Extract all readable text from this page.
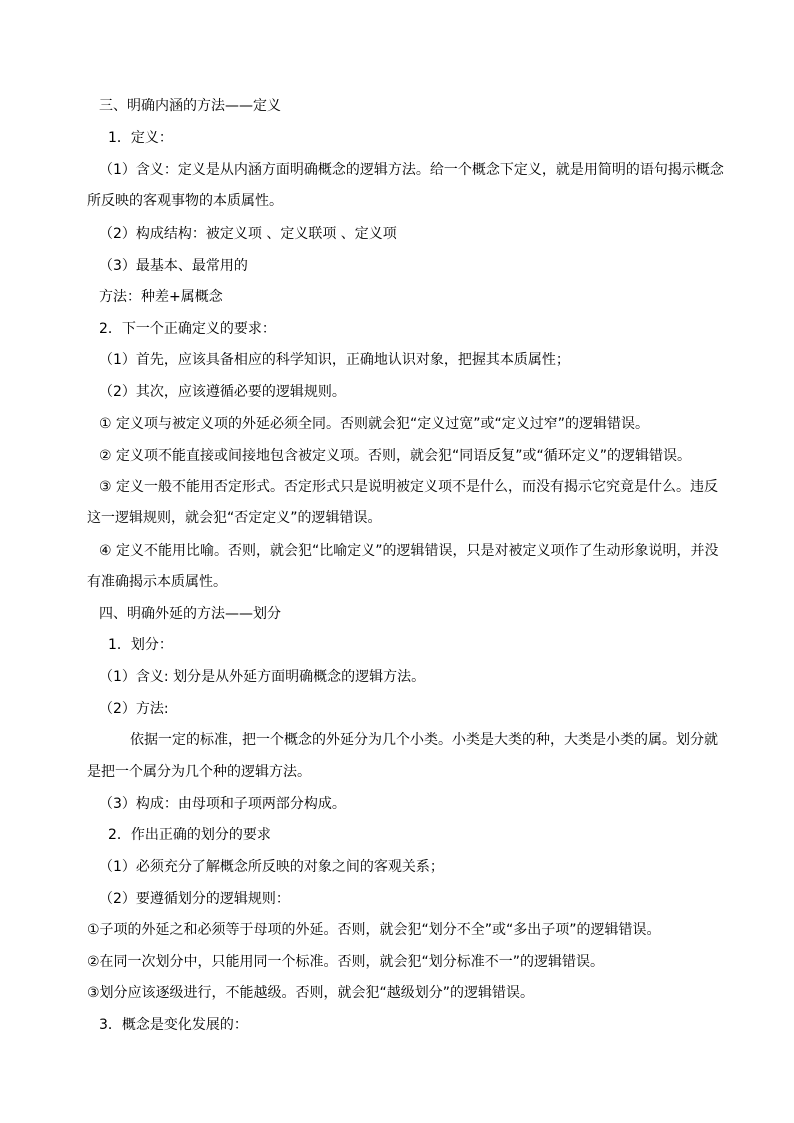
三、明确内涵的方法——定义
1．定义：
（1）含义：定义是从内涵方面明确概念的逻辑方法。给一个概念下定义，就是用简明的语句揭示概念
所反映的客观事物的本质属性。
（2）构成结构：被定义项 、定义联项 、定义项
（3）最基本、最常用的
方法：种差+属概念
2．下一个正确定义的要求：
（1）首先，应该具备相应的科学知识，正确地认识对象，把握其本质属性；
（2）其次，应该遵循必要的逻辑规则。
① 定义项与被定义项的外延必须全同。否则就会犯“定义过宽”或“定义过窄”的逻辑错误。
② 定义项不能直接或间接地包含被定义项。否则，就会犯“同语反复”或“循环定义”的逻辑错误。
③ 定义一般不能用否定形式。否定形式只是说明被定义项不是什么，而没有揭示它究竟是什么。违反
这一逻辑规则，就会犯“否定定义”的逻辑错误。
④ 定义不能用比喻。否则，就会犯“比喻定义”的逻辑错误，只是对被定义项作了生动形象说明，并没
有准确揭示本质属性。
四、明确外延的方法——划分
1．划分：
（1）含义: 划分是从外延方面明确概念的逻辑方法。
（2）方法:
依据一定的标准，把一个概念的外延分为几个小类。小类是大类的种，大类是小类的属。划分就
是把一个属分为几个种的逻辑方法。
（3）构成：由母项和子项两部分构成。
2．作出正确的划分的要求
（1）必须充分了解概念所反映的对象之间的客观关系；
（2）要遵循划分的逻辑规则：
①子项的外延之和必须等于母项的外延。否则，就会犯“划分不全”或“多出子项”的逻辑错误。
②在同一次划分中，只能用同一个标准。否则，就会犯“划分标准不一”的逻辑错误。
③划分应该逐级进行，不能越级。否则，就会犯“越级划分”的逻辑错误。
3．概念是变化发展的：
